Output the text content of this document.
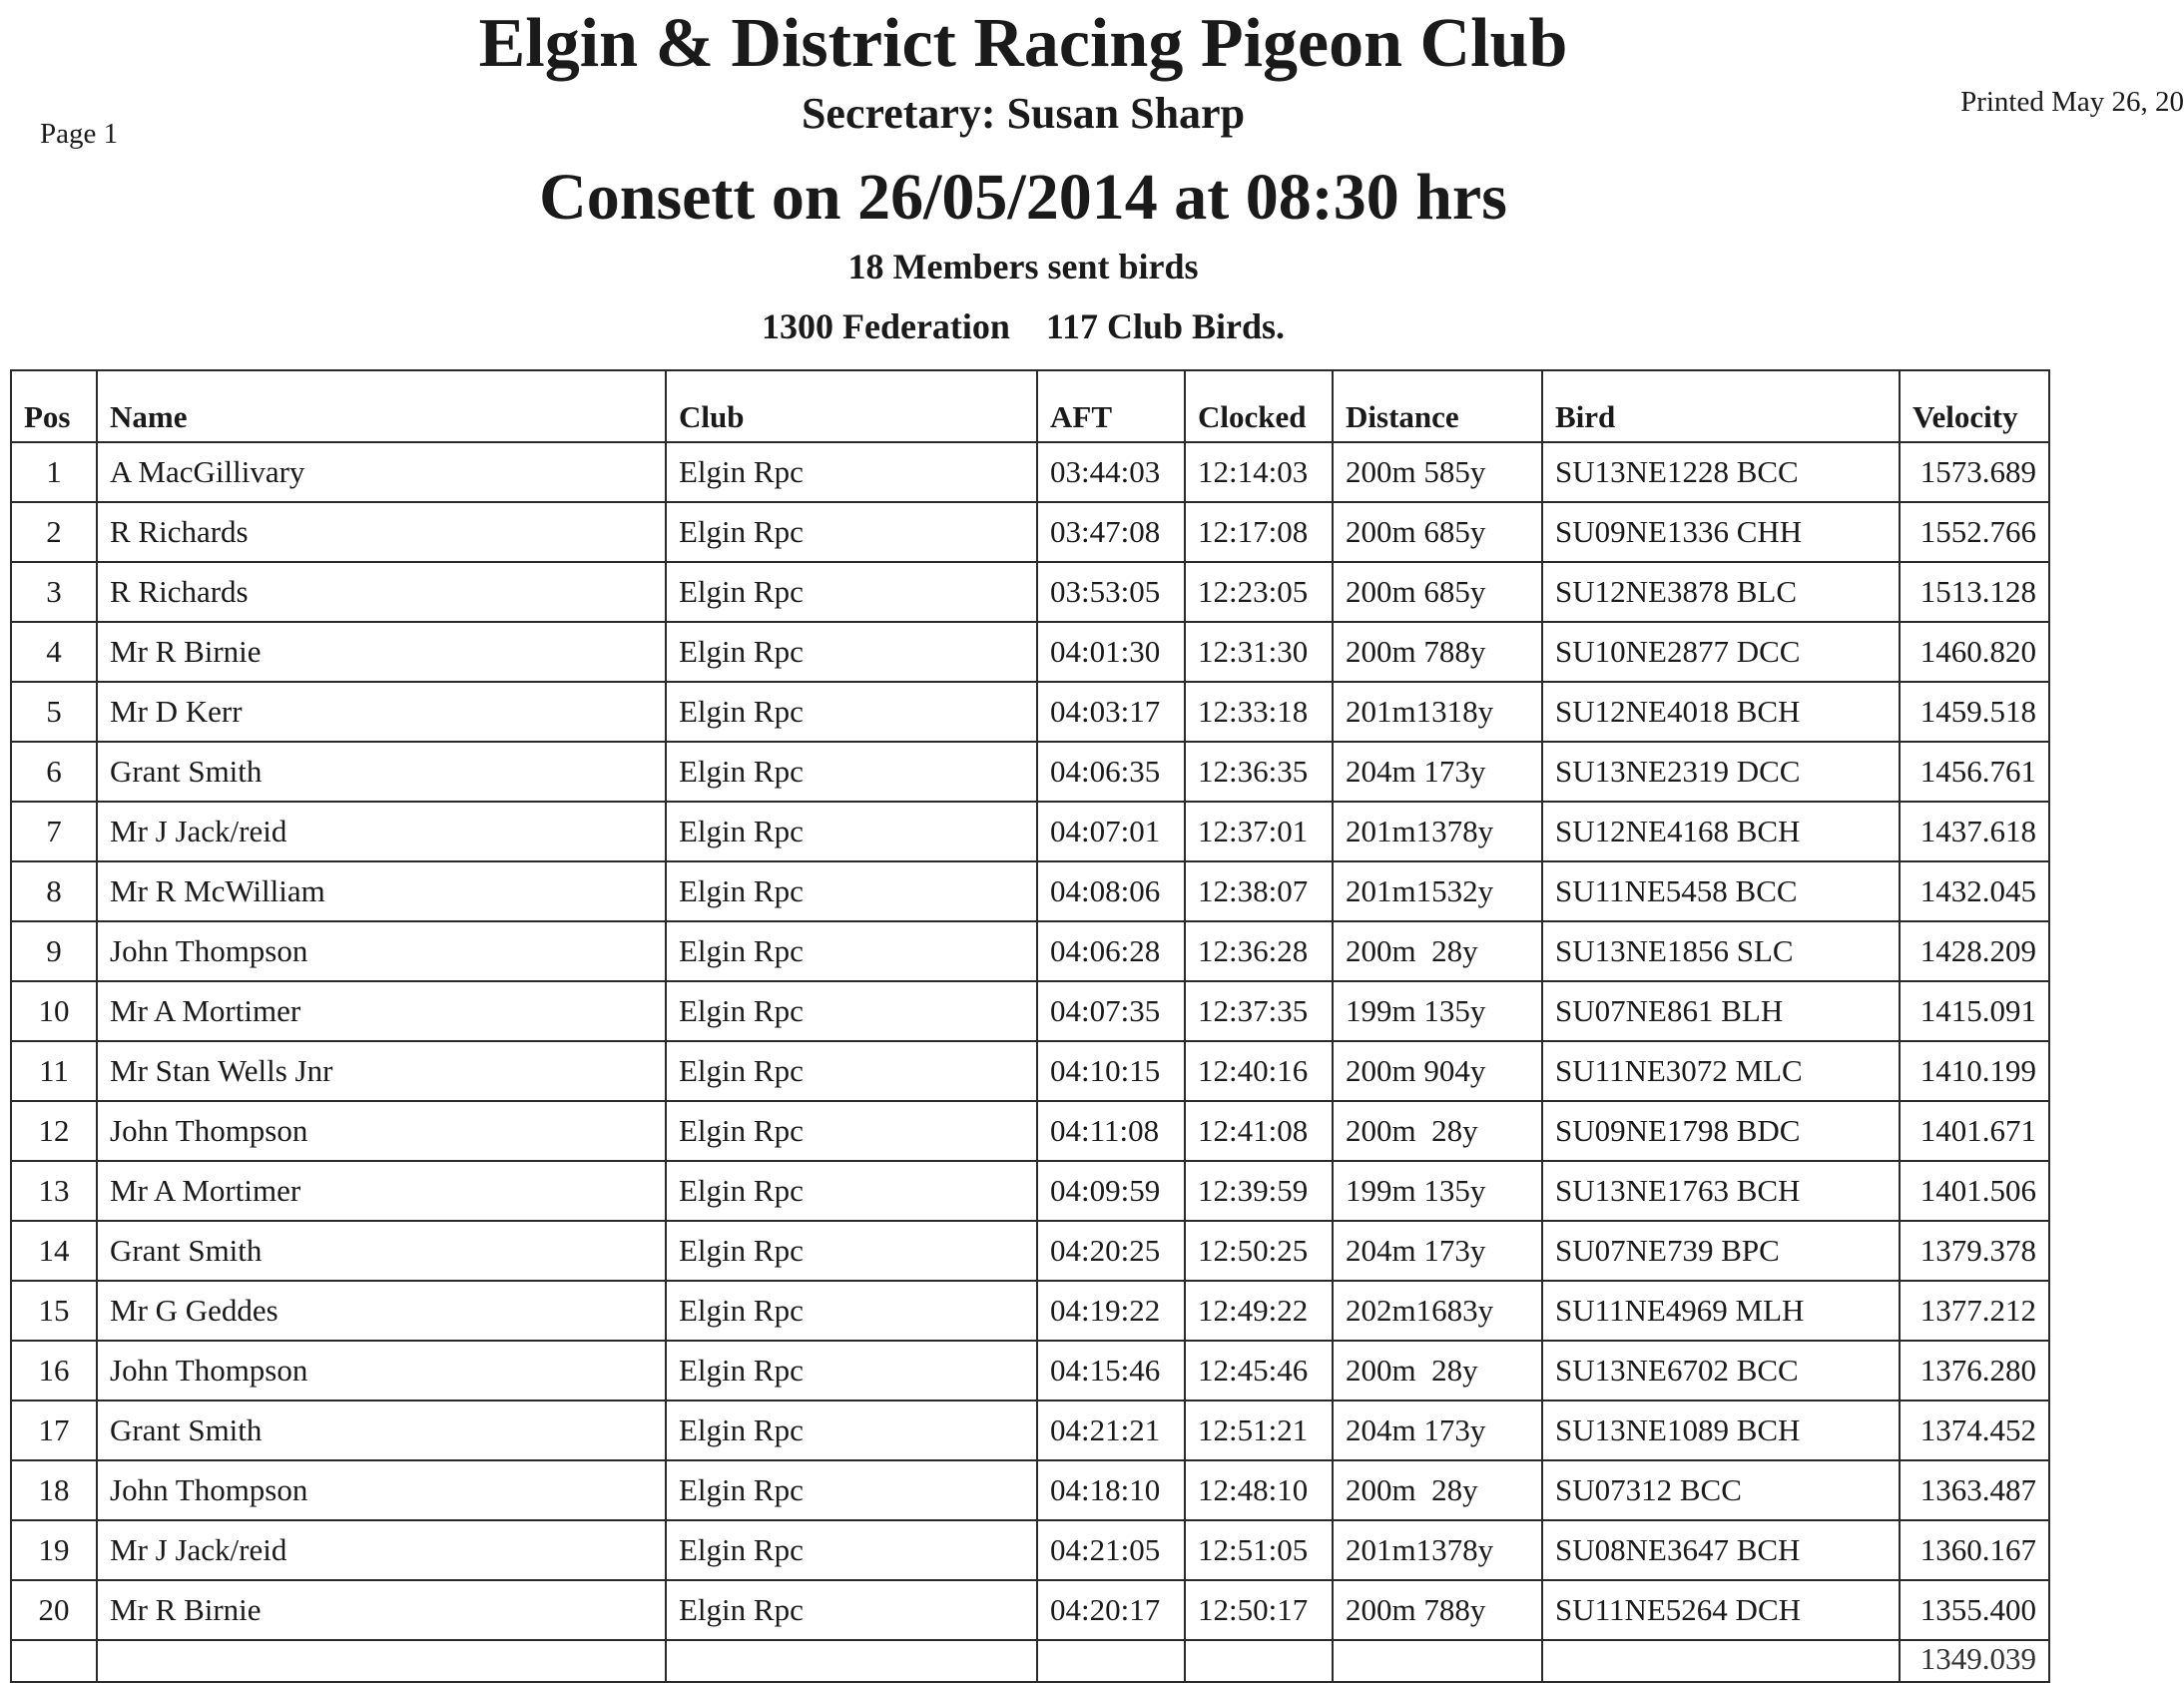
Page 1
Printed May 26, 20
Elgin & District Racing Pigeon Club
Secretary: Susan Sharp
Consett on 26/05/2014 at 08:30 hrs
18 Members sent birds
1300 Federation    117 Club Birds.
Pos	Name	Club	AFT	Clocked	Distance	Bird	Velocity
1	A MacGillivary	Elgin Rpc	03:44:03	12:14:03	200m 585y	SU13NE1228 BCC	1573.689
2	R Richards	Elgin Rpc	03:47:08	12:17:08	200m 685y	SU09NE1336 CHH	1552.766
3	R Richards	Elgin Rpc	03:53:05	12:23:05	200m 685y	SU12NE3878 BLC	1513.128
4	Mr R Birnie	Elgin Rpc	04:01:30	12:31:30	200m 788y	SU10NE2877 DCC	1460.820
5	Mr D Kerr	Elgin Rpc	04:03:17	12:33:18	201m1318y	SU12NE4018 BCH	1459.518
6	Grant Smith	Elgin Rpc	04:06:35	12:36:35	204m 173y	SU13NE2319 DCC	1456.761
7	Mr J Jack/reid	Elgin Rpc	04:07:01	12:37:01	201m1378y	SU12NE4168 BCH	1437.618
8	Mr R McWilliam	Elgin Rpc	04:08:06	12:38:07	201m1532y	SU11NE5458 BCC	1432.045
9	John Thompson	Elgin Rpc	04:06:28	12:36:28	200m  28y	SU13NE1856 SLC	1428.209
10	Mr A Mortimer	Elgin Rpc	04:07:35	12:37:35	199m 135y	SU07NE861 BLH	1415.091
11	Mr Stan Wells Jnr	Elgin Rpc	04:10:15	12:40:16	200m 904y	SU11NE3072 MLC	1410.199
12	John Thompson	Elgin Rpc	04:11:08	12:41:08	200m  28y	SU09NE1798 BDC	1401.671
13	Mr A Mortimer	Elgin Rpc	04:09:59	12:39:59	199m 135y	SU13NE1763 BCH	1401.506
14	Grant Smith	Elgin Rpc	04:20:25	12:50:25	204m 173y	SU07NE739 BPC	1379.378
15	Mr G Geddes	Elgin Rpc	04:19:22	12:49:22	202m1683y	SU11NE4969 MLH	1377.212
16	John Thompson	Elgin Rpc	04:15:46	12:45:46	200m  28y	SU13NE6702 BCC	1376.280
17	Grant Smith	Elgin Rpc	04:21:21	12:51:21	204m 173y	SU13NE1089 BCH	1374.452
18	John Thompson	Elgin Rpc	04:18:10	12:48:10	200m  28y	SU07312 BCC	1363.487
19	Mr J Jack/reid	Elgin Rpc	04:21:05	12:51:05	201m1378y	SU08NE3647 BCH	1360.167
20	Mr R Birnie	Elgin Rpc	04:20:17	12:50:17	200m 788y	SU11NE5264 DCH	1355.400
							1349.039
